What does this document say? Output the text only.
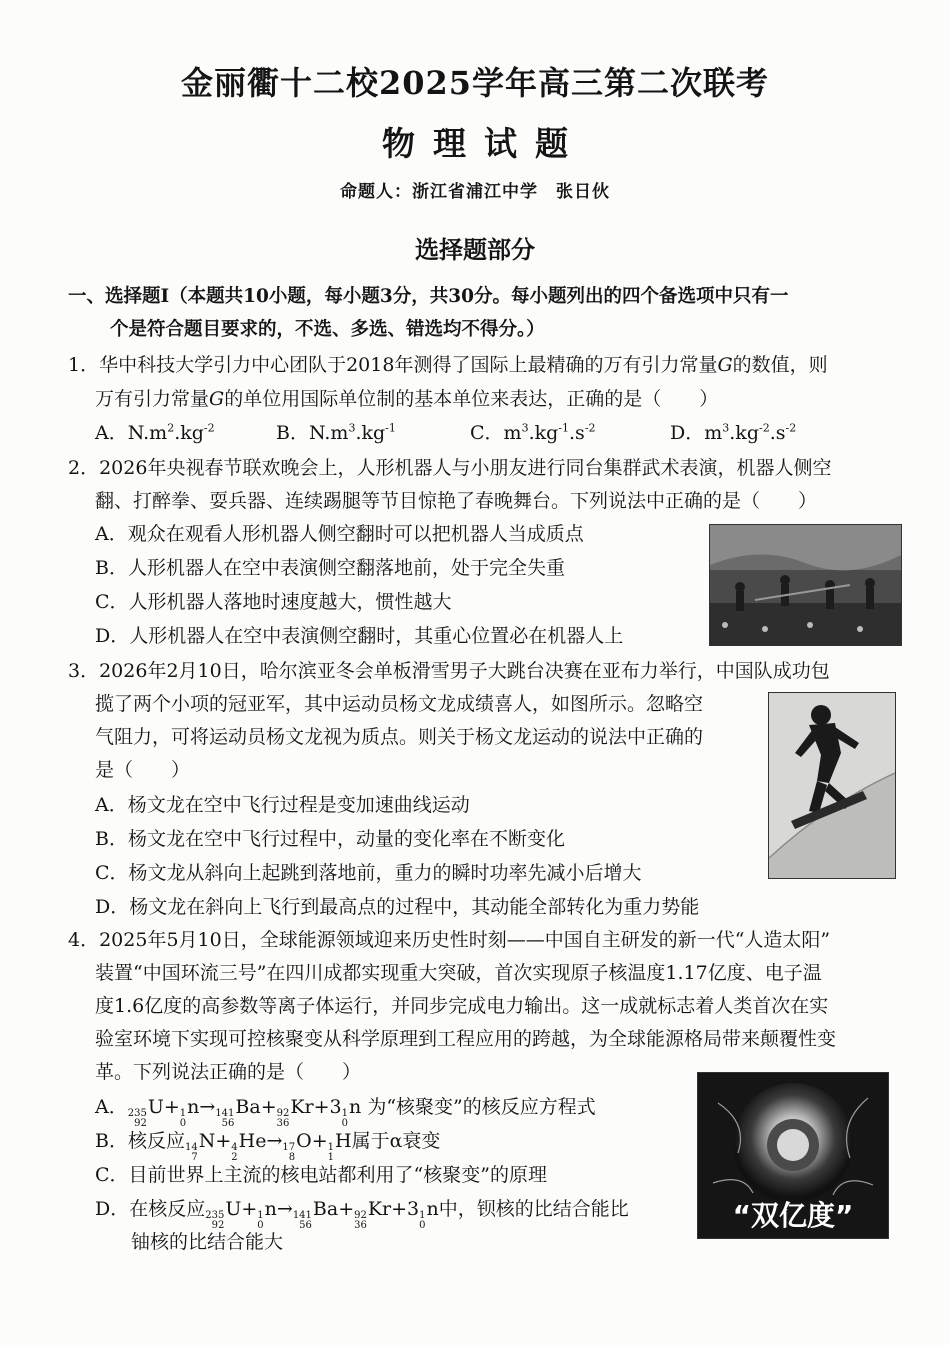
金丽衢十二校2025学年高三第二次联考
物理试题
命题人：浙江省浦江中学 张日伙
选择题部分
一、选择题Ⅰ（本题共10小题，每小题3分，共30分。每小题列出的四个备选项中只有一
个是符合题目要求的，不选、多选、错选均不得分。）
1．华中科技大学引力中心团队于2018年测得了国际上最精确的万有引力常量G的数值，则
万有引力常量G的单位用国际单位制的基本单位来表达，正确的是（　　）
A．$N.m^2.kg^{-2}$	B．$N.m^3.kg^{-1}$	C．$m^3.kg^{-1}.s^{-2}$	D．$m^3.kg^{-2}.s^{-2}$
2．2026年央视春节联欢晚会上，人形机器人与小朋友进行同台集群武术表演，机器人侧空
翻、打醉拳、耍兵器、连续踢腿等节目惊艳了春晚舞台。下列说法中正确的是（　　）
A．观众在观看人形机器人侧空翻时可以把机器人当成质点
B．人形机器人在空中表演侧空翻落地前，处于完全失重
C．人形机器人落地时速度越大，惯性越大
D．人形机器人在空中表演侧空翻时，其重心位置必在机器人上
3．2026年2月10日，哈尔滨亚冬会单板滑雪男子大跳台决赛在亚布力举行，中国队成功包
揽了两个小项的冠亚军，其中运动员杨文龙成绩喜人，如图所示。忽略空
气阻力，可将运动员杨文龙视为质点。则关于杨文龙运动的说法中正确的
是（　　）
A．杨文龙在空中飞行过程是变加速曲线运动
B．杨文龙在空中飞行过程中，动量的变化率在不断变化
C．杨文龙从斜向上起跳到落地前，重力的瞬时功率先减小后增大
D．杨文龙在斜向上飞行到最高点的过程中，其动能全部转化为重力势能
4．2025年5月10日，全球能源领域迎来历史性时刻——中国自主研发的新一代“人造太阳”
装置“中国环流三号”在四川成都实现重大突破，首次实现原子核温度1.17亿度、电子温
度1.6亿度的高参数等离子体运行，并同步完成电力输出。这一成就标志着人类首次在实
验室环境下实现可控核聚变从科学原理到工程应用的跨越，为全球能源格局带来颠覆性变
革。下列说法正确的是（　　）
A． 235
92
U+ 1
0
n→ 141
56
Ba+ 92
36
Kr+3 1
0
n 为“核聚变”的核反应方程式
B．核反应 14
7
N+ 4
2
He→ 17
8
O+ 1
1
H属于α衰变
C．目前世界上主流的核电站都利用了“核聚变”的原理
D．在核反应 235
92
U+ 1
0
n→ 141
56
Ba+ 92
36
Kr+3 1
0
n中，钡核的比结合能比
铀核的比结合能大
“双亿度”
